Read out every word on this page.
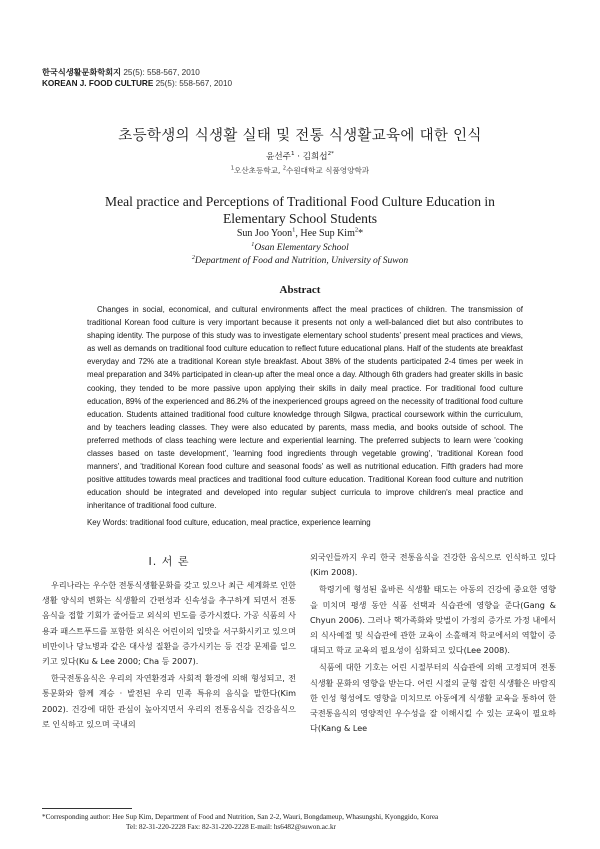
한국식생활문화학회지 25(5): 558-567, 2010
KOREAN J. FOOD CULTURE 25(5): 558-567, 2010
초등학생의 식생활 실태 및 전통 식생활교육에 대한 인식
윤선주$^1$ · 김희섭$^{2*}$
$^1$오산초등학교, $^2$수원대학교 식품영양학과
Meal practice and Perceptions of Traditional Food Culture Education in
Elementary School Students
Sun Joo Yoon$^1$, Hee Sup Kim$^2$*
$^1$Osan Elementary School
$^2$Department of Food and Nutrition, University of Suwon
Abstract
Changes in social, economical, and cultural environments affect the meal practices of children. The transmission of traditional Korean food culture is very important because it presents not only a well-balanced diet but also contributes to shaping identity. The purpose of this study was to investigate elementary school students' present meal practices and views, as well as demands on traditional food culture education to reflect future educational plans. Half of the students ate breakfast everyday and 72% ate a traditional Korean style breakfast. About 38% of the students participated 2-4 times per week in meal preparation and 34% participated in clean-up after the meal once a day. Although 6th graders had greater skills in basic cooking, they tended to be more passive upon applying their skills in daily meal practice. For traditional food culture education, 89% of the experienced and 86.2% of the inexperienced groups agreed on the necessity of traditional food culture education. Students attained traditional food culture knowledge through Silgwa, practical coursework within the curriculum, and by teachers leading classes. They were also educated by parents, mass media, and books outside of school. The preferred methods of class teaching were lecture and experiential learning. The preferred subjects to learn were 'cooking classes based on taste development', 'learning food ingredients through vegetable growing', 'traditional Korean food manners', and 'traditional Korean food culture and seasonal foods' as well as nutritional education. Fifth graders had more positive attitudes towards meal practices and traditional food culture education. Traditional Korean food culture and nutrition education should be integrated and developed into regular subject curricula to improve children's meal practice and inheritance of traditional food culture.
Key Words: traditional food culture, education, meal practice, experience learning
I. 서 론

우리나라는 우수한 전통식생활문화를 갖고 있으나 최근 세계화로 인한 생활 양식의 변화는 식생활의 간편성과 신속성을 추구하게 되면서 전통음식을 접할 기회가 줄어들고 외식의 빈도를 증가시켰다. 가공 식품의 사용과 패스트푸드를 포함한 외식은 어린이의 입맛을 서구화시키고 있으며 비만이나 당뇨병과 같은 대사성 질환을 증가시키는 등 건강 문제를 일으키고 있다(Ku & Lee 2000; Cha 등 2007).

한국전통음식은 우리의 자연환경과 사회적 환경에 의해 형성되고, 전통문화와 함께 계승 · 발전된 우리 민족 특유의 음식을 말한다(Kim 2002). 건강에 대한 관심이 높아지면서 우리의 전통음식을 건강음식으로 인식하고 있으며 국내의

외국인들까지 우리 한국 전통음식을 건강한 음식으로 인식하고 있다(Kim 2008).

학령기에 형성된 올바른 식생활 태도는 아동의 건강에 중요한 영향을 미치며 평생 동안 식품 선택과 식습관에 영향을 준다(Gang & Chyun 2006). 그러나 핵가족화와 맞벌이 가정의 증가로 가정 내에서의 식사예절 및 식습관에 관한 교육이 소홀해져 학교에서의 역할이 증대되고 학교 교육의 필요성이 심화되고 있다(Lee 2008).

식품에 대한 기호는 어린 시절부터의 식습관에 의해 고정되며 전통 식생활 문화의 영향을 받는다. 어린 시절의 균형 잡힌 식생활은 바람직한 인성 형성에도 영향을 미치므로 아동에게 식생활 교육을 통하여 한국전통음식의 영양적인 우수성을 잘 이해시킬 수 있는 교육이 필요하다(Kang & Lee

*Corresponding author: Hee Sup Kim, Department of Food and Nutrition, San 2-2, Wauri, Bongdameup, Whasungshi, Kyonggido, Korea
Tel: 82-31-220-2228 Fax: 82-31-220-2228 E-mail: hs6482@suwon.ac.kr
